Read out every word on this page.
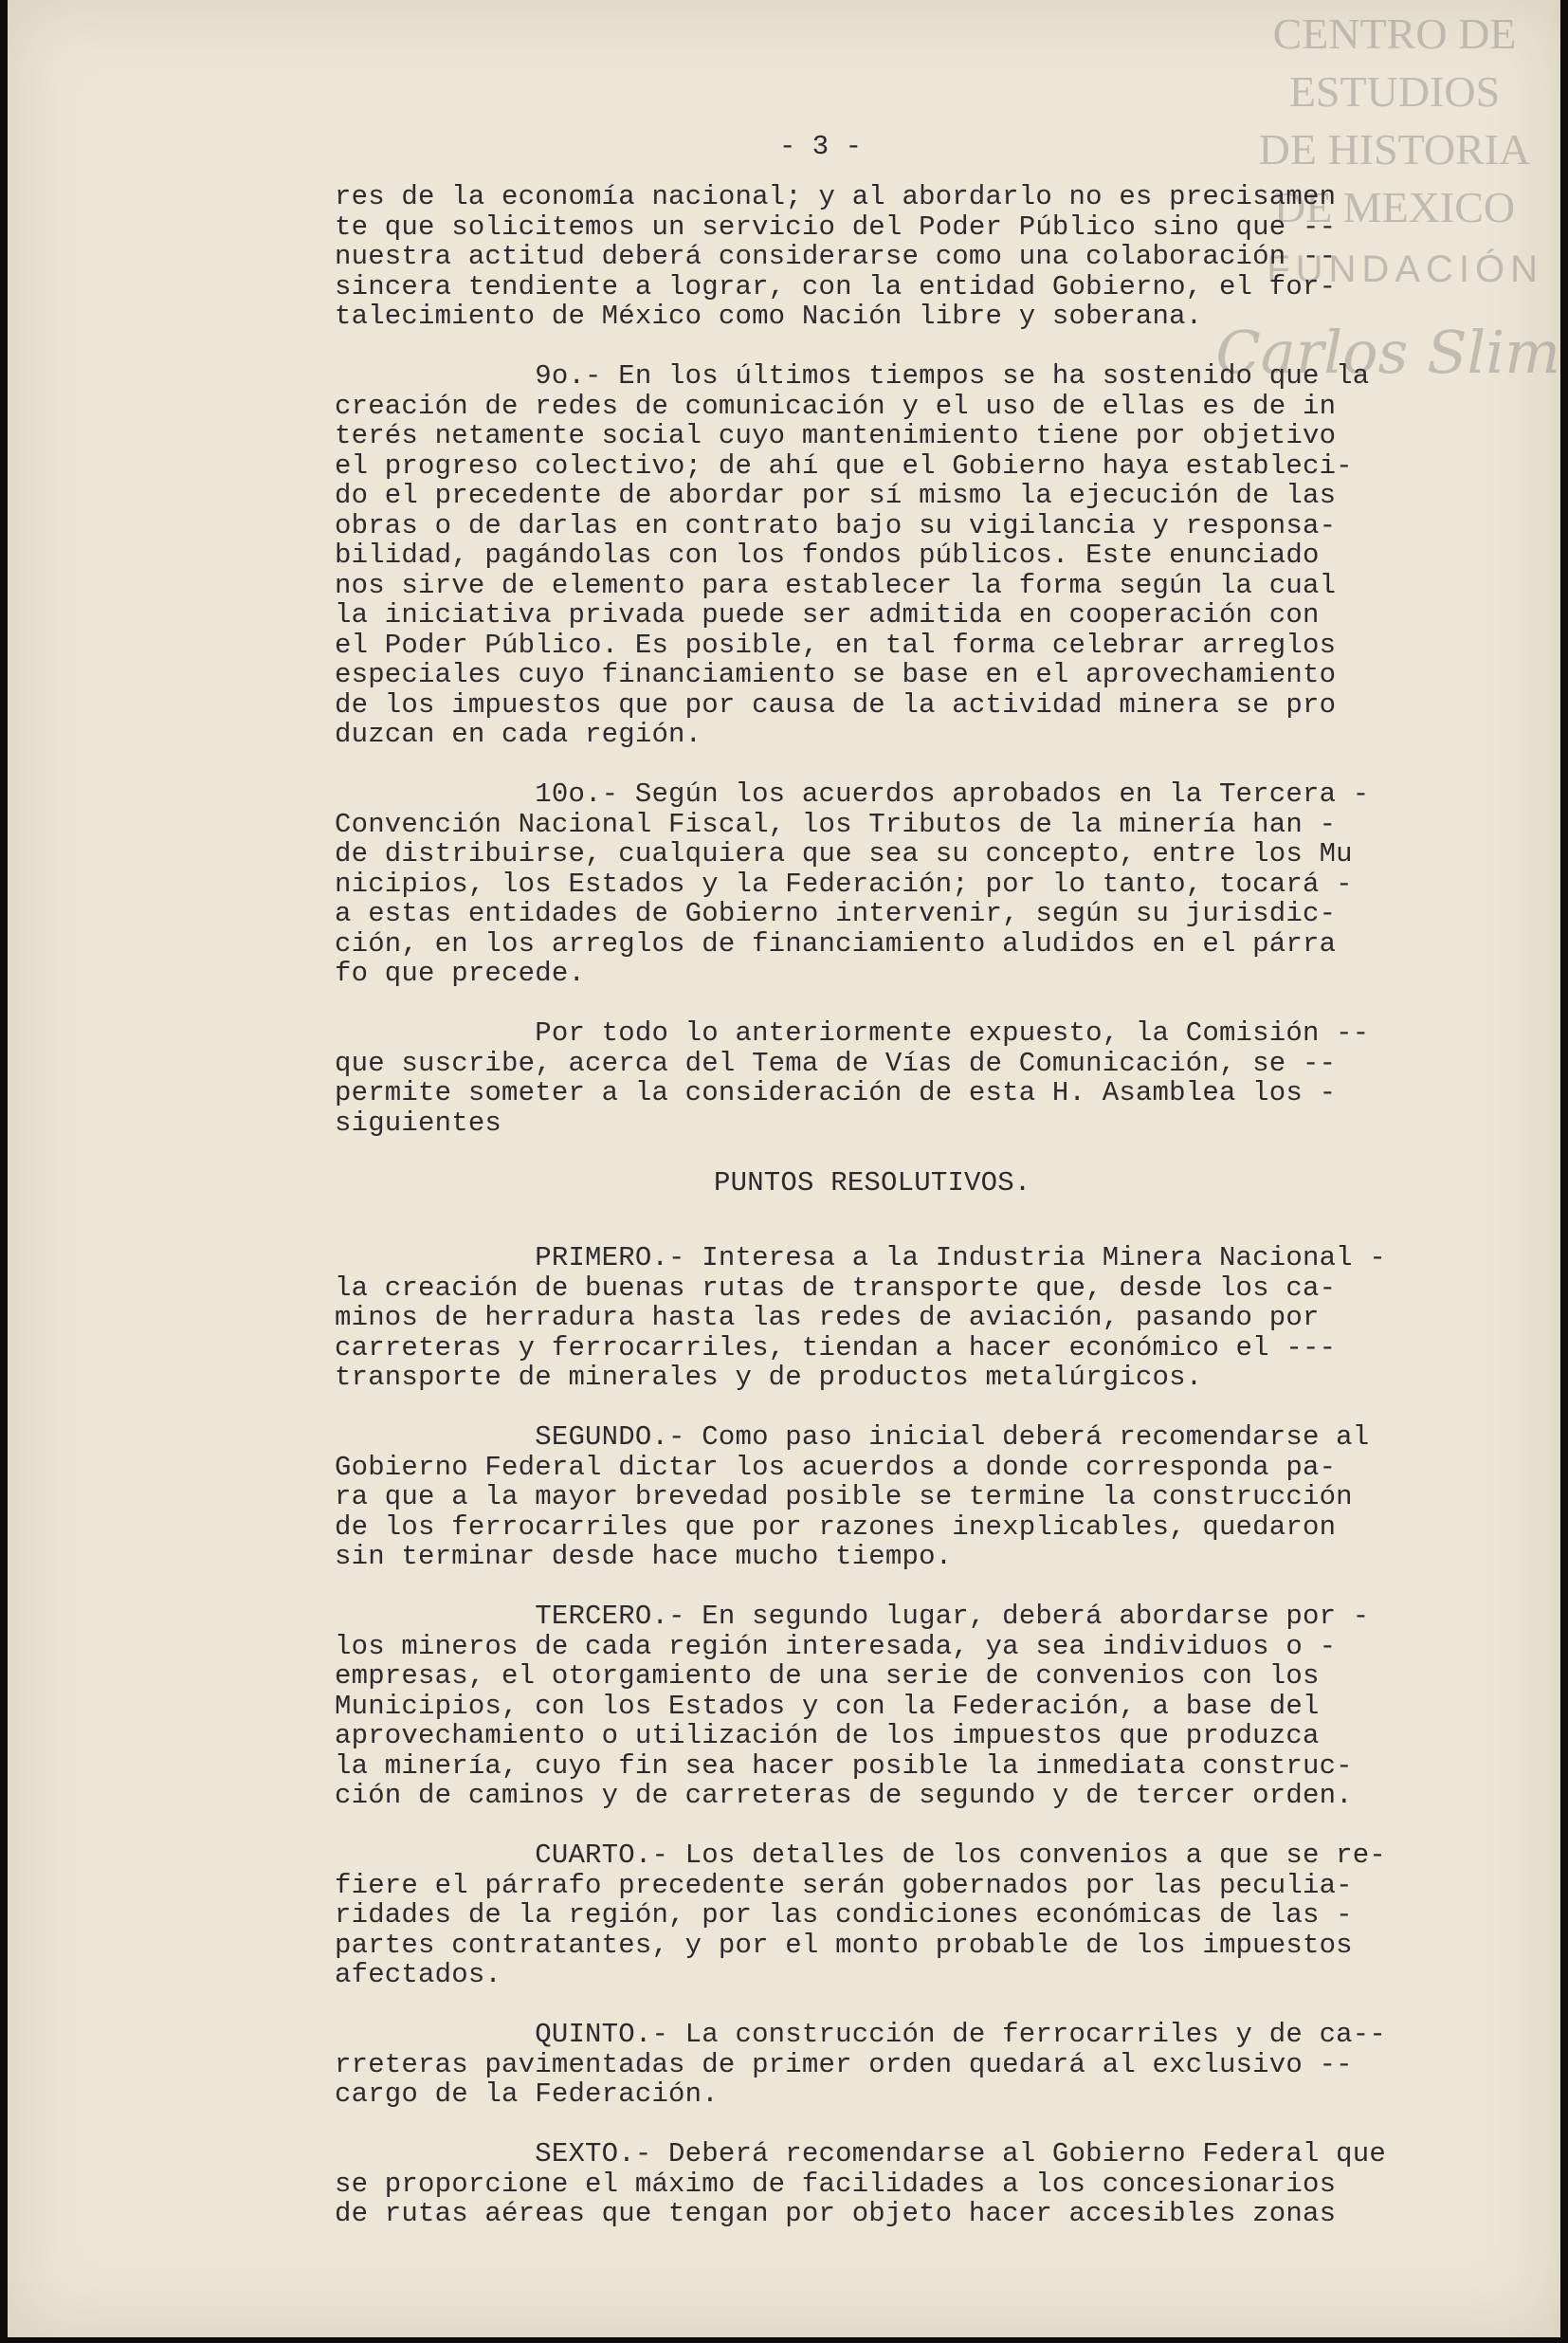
CENTRO DE
ESTUDIOS
DE HISTORIA
DE MEXICO
FUNDACIÓN
Carlos Slim
- 3 -
res de la economía nacional; y al abordarlo no es precisamen
te que solicitemos un servicio del Poder Público sino que --
nuestra actitud deberá considerarse como una colaboración --
sincera tendiente a lograr, con la entidad Gobierno, el for-
talecimiento de México como Nación libre y soberana.
9o.- En los últimos tiempos se ha sostenido que la
creación de redes de comunicación y el uso de ellas es de in
terés netamente social cuyo mantenimiento tiene por objetivo
el progreso colectivo; de ahí que el Gobierno haya estableci-
do el precedente de abordar por sí mismo la ejecución de las
obras o de darlas en contrato bajo su vigilancia y responsa-
bilidad, pagándolas con los fondos públicos. Este enunciado
nos sirve de elemento para establecer la forma según la cual
la iniciativa privada puede ser admitida en cooperación con
el Poder Público. Es posible, en tal forma celebrar arreglos
especiales cuyo financiamiento se base en el aprovechamiento
de los impuestos que por causa de la actividad minera se pro
duzcan en cada región.
10o.- Según los acuerdos aprobados en la Tercera -
Convención Nacional Fiscal, los Tributos de la minería han -
de distribuirse, cualquiera que sea su concepto, entre los Mu
nicipios, los Estados y la Federación; por lo tanto, tocará -
a estas entidades de Gobierno intervenir, según su jurisdic-
ción, en los arreglos de financiamiento aludidos en el párra
fo que precede.
Por todo lo anteriormente expuesto, la Comisión --
que suscribe, acerca del Tema de Vías de Comunicación, se --
permite someter a la consideración de esta H. Asamblea los -
siguientes
PUNTOS RESOLUTIVOS.
PRIMERO.- Interesa a la Industria Minera Nacional -
la creación de buenas rutas de transporte que, desde los ca-
minos de herradura hasta las redes de aviación, pasando por
carreteras y ferrocarriles, tiendan a hacer económico el ---
transporte de minerales y de productos metalúrgicos.
SEGUNDO.- Como paso inicial deberá recomendarse al
Gobierno Federal dictar los acuerdos a donde corresponda pa-
ra que a la mayor brevedad posible se termine la construcción
de los ferrocarriles que por razones inexplicables, quedaron
sin terminar desde hace mucho tiempo.
TERCERO.- En segundo lugar, deberá abordarse por -
los mineros de cada región interesada, ya sea individuos o -
empresas, el otorgamiento de una serie de convenios con los
Municipios, con los Estados y con la Federación, a base del
aprovechamiento o utilización de los impuestos que produzca
la minería, cuyo fin sea hacer posible la inmediata construc-
ción de caminos y de carreteras de segundo y de tercer orden.
CUARTO.- Los detalles de los convenios a que se re-
fiere el párrafo precedente serán gobernados por las peculia-
ridades de la región, por las condiciones económicas de las -
partes contratantes, y por el monto probable de los impuestos
afectados.
QUINTO.- La construcción de ferrocarriles y de ca--
rreteras pavimentadas de primer orden quedará al exclusivo --
cargo de la Federación.
SEXTO.- Deberá recomendarse al Gobierno Federal que
se proporcione el máximo de facilidades a los concesionarios
de rutas aéreas que tengan por objeto hacer accesibles zonas
